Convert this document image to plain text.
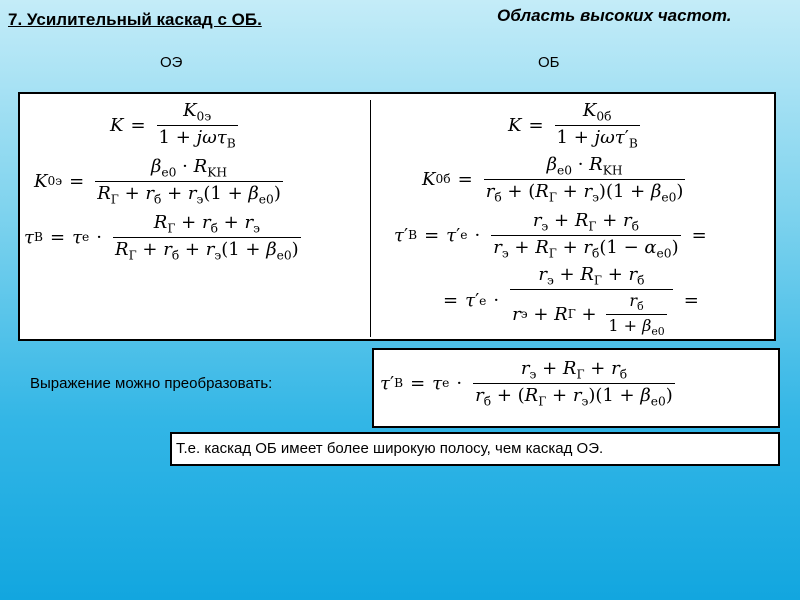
7. Усилительный каскад с ОБ.	Область высоких частот.
ОЭ	ОБ
$K = \frac{K_{0э}}{1 + j\omega\tau_В}$
K $0э = \frac{\beta_{e0} \cdot R_{KH}}{R_Г + r_б + r_э(1 + \beta_{e0})}$
τ В = τ $e \cdot \frac{R_Г + r_б + r_э}{R_Г + r_б + r_э(1 + \beta_{e0})}$
$K = \frac{K_{0б}}{1 + j\omega\tau'_В}$
K $0б = \frac{\beta_{e0} \cdot R_{KH}}{r_б + (R_Г + r_э)(1 + \beta_{e0})}$
τ ′ В = τ ′ $e \cdot \frac{r_э + R_Г + r_б}{r_э + R_Г + r_б(1 - \alpha_{e0})}$ =
= τ ′ $e \cdot \frac{r_э + R_Г + r_б}{r э + R Г + \frac{r_б}{1 + \beta_{e0}}}$ =
Выражение можно преобразовать:	τ ′ В = τ $e \cdot \frac{r_э + R_Г + r_б}{r_б + (R_Г + r_э)(1 + \beta_{e0})}$
Т.е. каскад ОБ имеет более широкую полосу, чем каскад ОЭ.
